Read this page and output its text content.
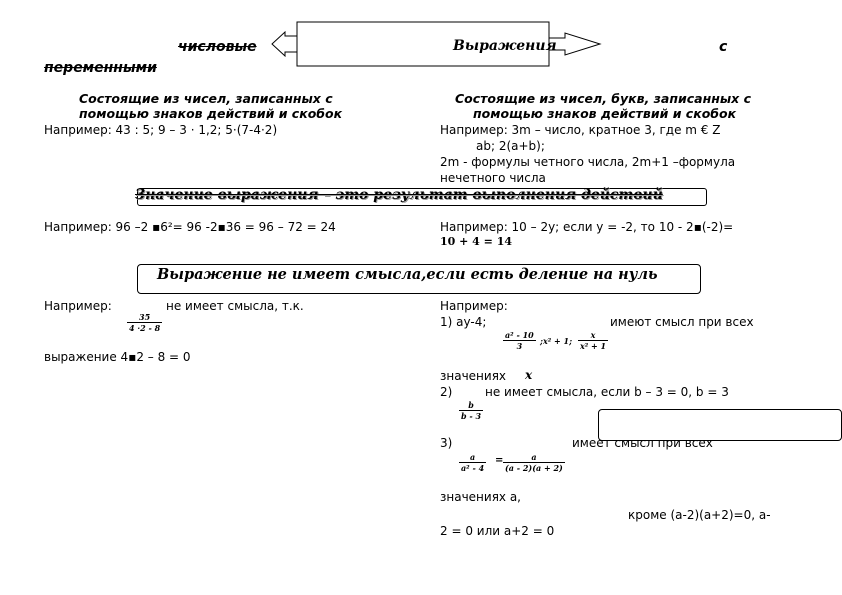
числовые	Выражения	с
переменными
Состоящие из чисел, записанных с
помощью знаков действий и скобок
Например: 43 : 5; 9 – 3 · 1,2; 5·(7-4·2)
Состоящие из чисел, букв, записанных с
помощью знаков действий и скобок
Например: 3m – число, кратное 3, где m € Z
ab; 2(a+b);
2m - формулы четного числа, 2m+1 –формула
нечетного числа
Значение выражения – это результат выполнения действий
Например: 96 –2 ▪6²= 96 -2▪36 = 96 – 72 = 24	Например: 10 – 2y; если y = -2, то 10 - 2▪(-2)=
10 + 4 = 14
Выражение не имеет смысла,если есть деление на нуль
Например:	не имеет смысла, т.к.
$\frac{35}{4 \cdot 2 - 8}$
выражение 4▪2 – 8 = 0
Например:
1) ay-4;	имеют смысл при всех
$\frac{\text{a² - 10}}{3}$ ;x² + 1; $\frac{x}{\text{x² + 1}}$
значениях x
2)	не имеет смысла, если b – 3 = 0, b = 3
$\frac{b}{b - 3}$
3)	имеет смысл при всех
$\frac{a}{\text{a² - 4}} = \frac{a}{(a - 2)(a + 2)}$
значениях а,
кроме (a-2)(a+2)=0, a-
2 = 0 или a+2 = 0
